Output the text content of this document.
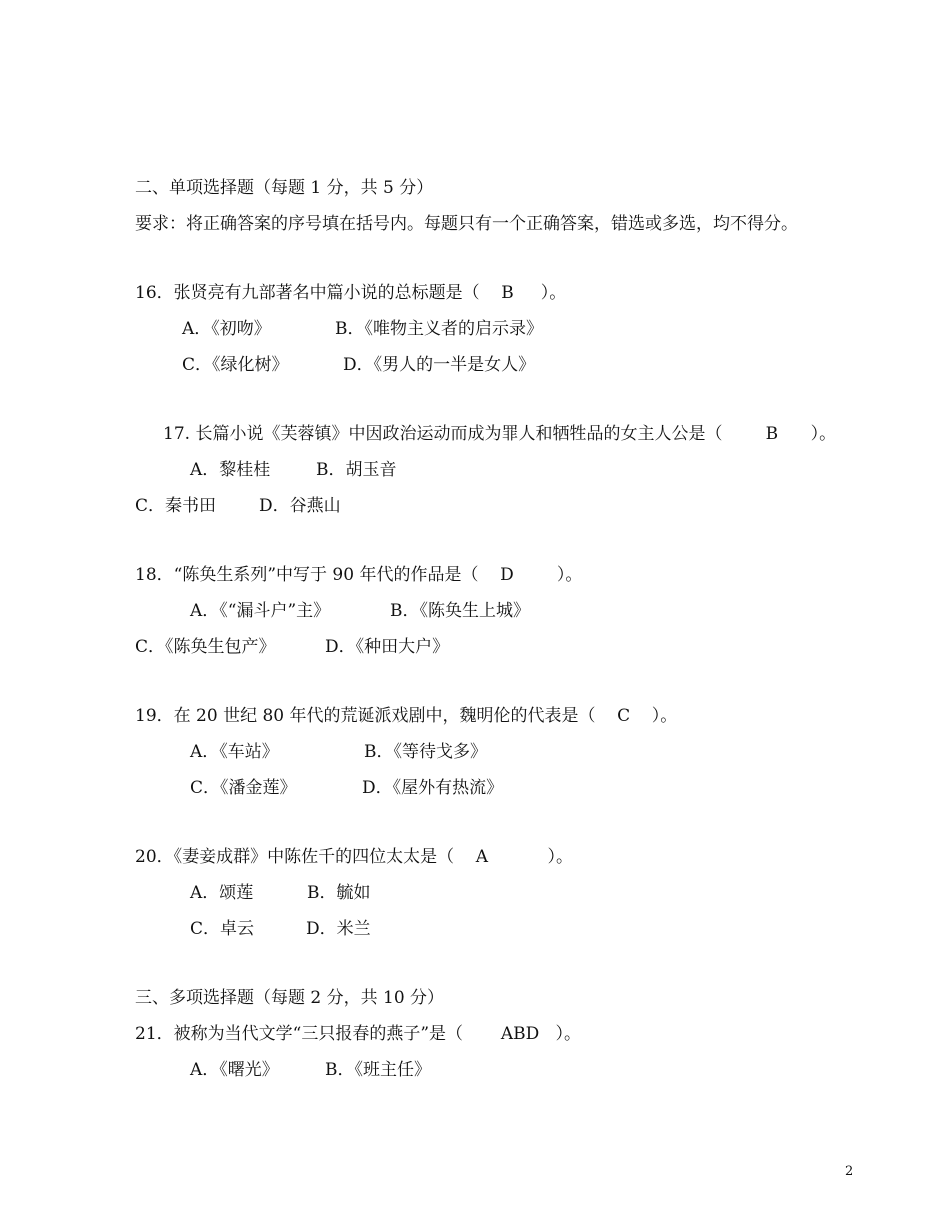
二、单项选择题（每题 1 分，共 5 分）
要求：将正确答案的序号填在括号内。每题只有一个正确答案，错选或多选，均不得分。
16．张贤亮有九部著名中篇小说的总标题是（    B     ）。
A．《初吻》	B．《唯物主义者的启示录》
C．《绿化树》	D．《男人的一半是女人》
17. 长篇小说《芙蓉镇》中因政治运动而成为罪人和牺牲品的女主人公是（        B      ）。
A．黎桂桂	B．胡玉音
C．秦书田	D．谷燕山
18．“陈奂生系列”中写于 90 年代的作品是（    D        ）。
A．《“漏斗户”主》	B．《陈奂生上城》
C．《陈奂生包产》	D．《种田大户》
19．在 20 世纪 80 年代的荒诞派戏剧中，魏明伦的代表是（    C    ）。
A．《车站》	B．《等待戈多》
C．《潘金莲》	D．《屋外有热流》
20．《妻妾成群》中陈佐千的四位太太是（    A           ）。
A．颂莲	B．毓如
C．卓云	D．米兰
三、多项选择题（每题 2 分，共 10 分）
21．被称为当代文学“三只报春的燕子”是（       ABD   ）。
A．《曙光》	B．《班主任》
2
